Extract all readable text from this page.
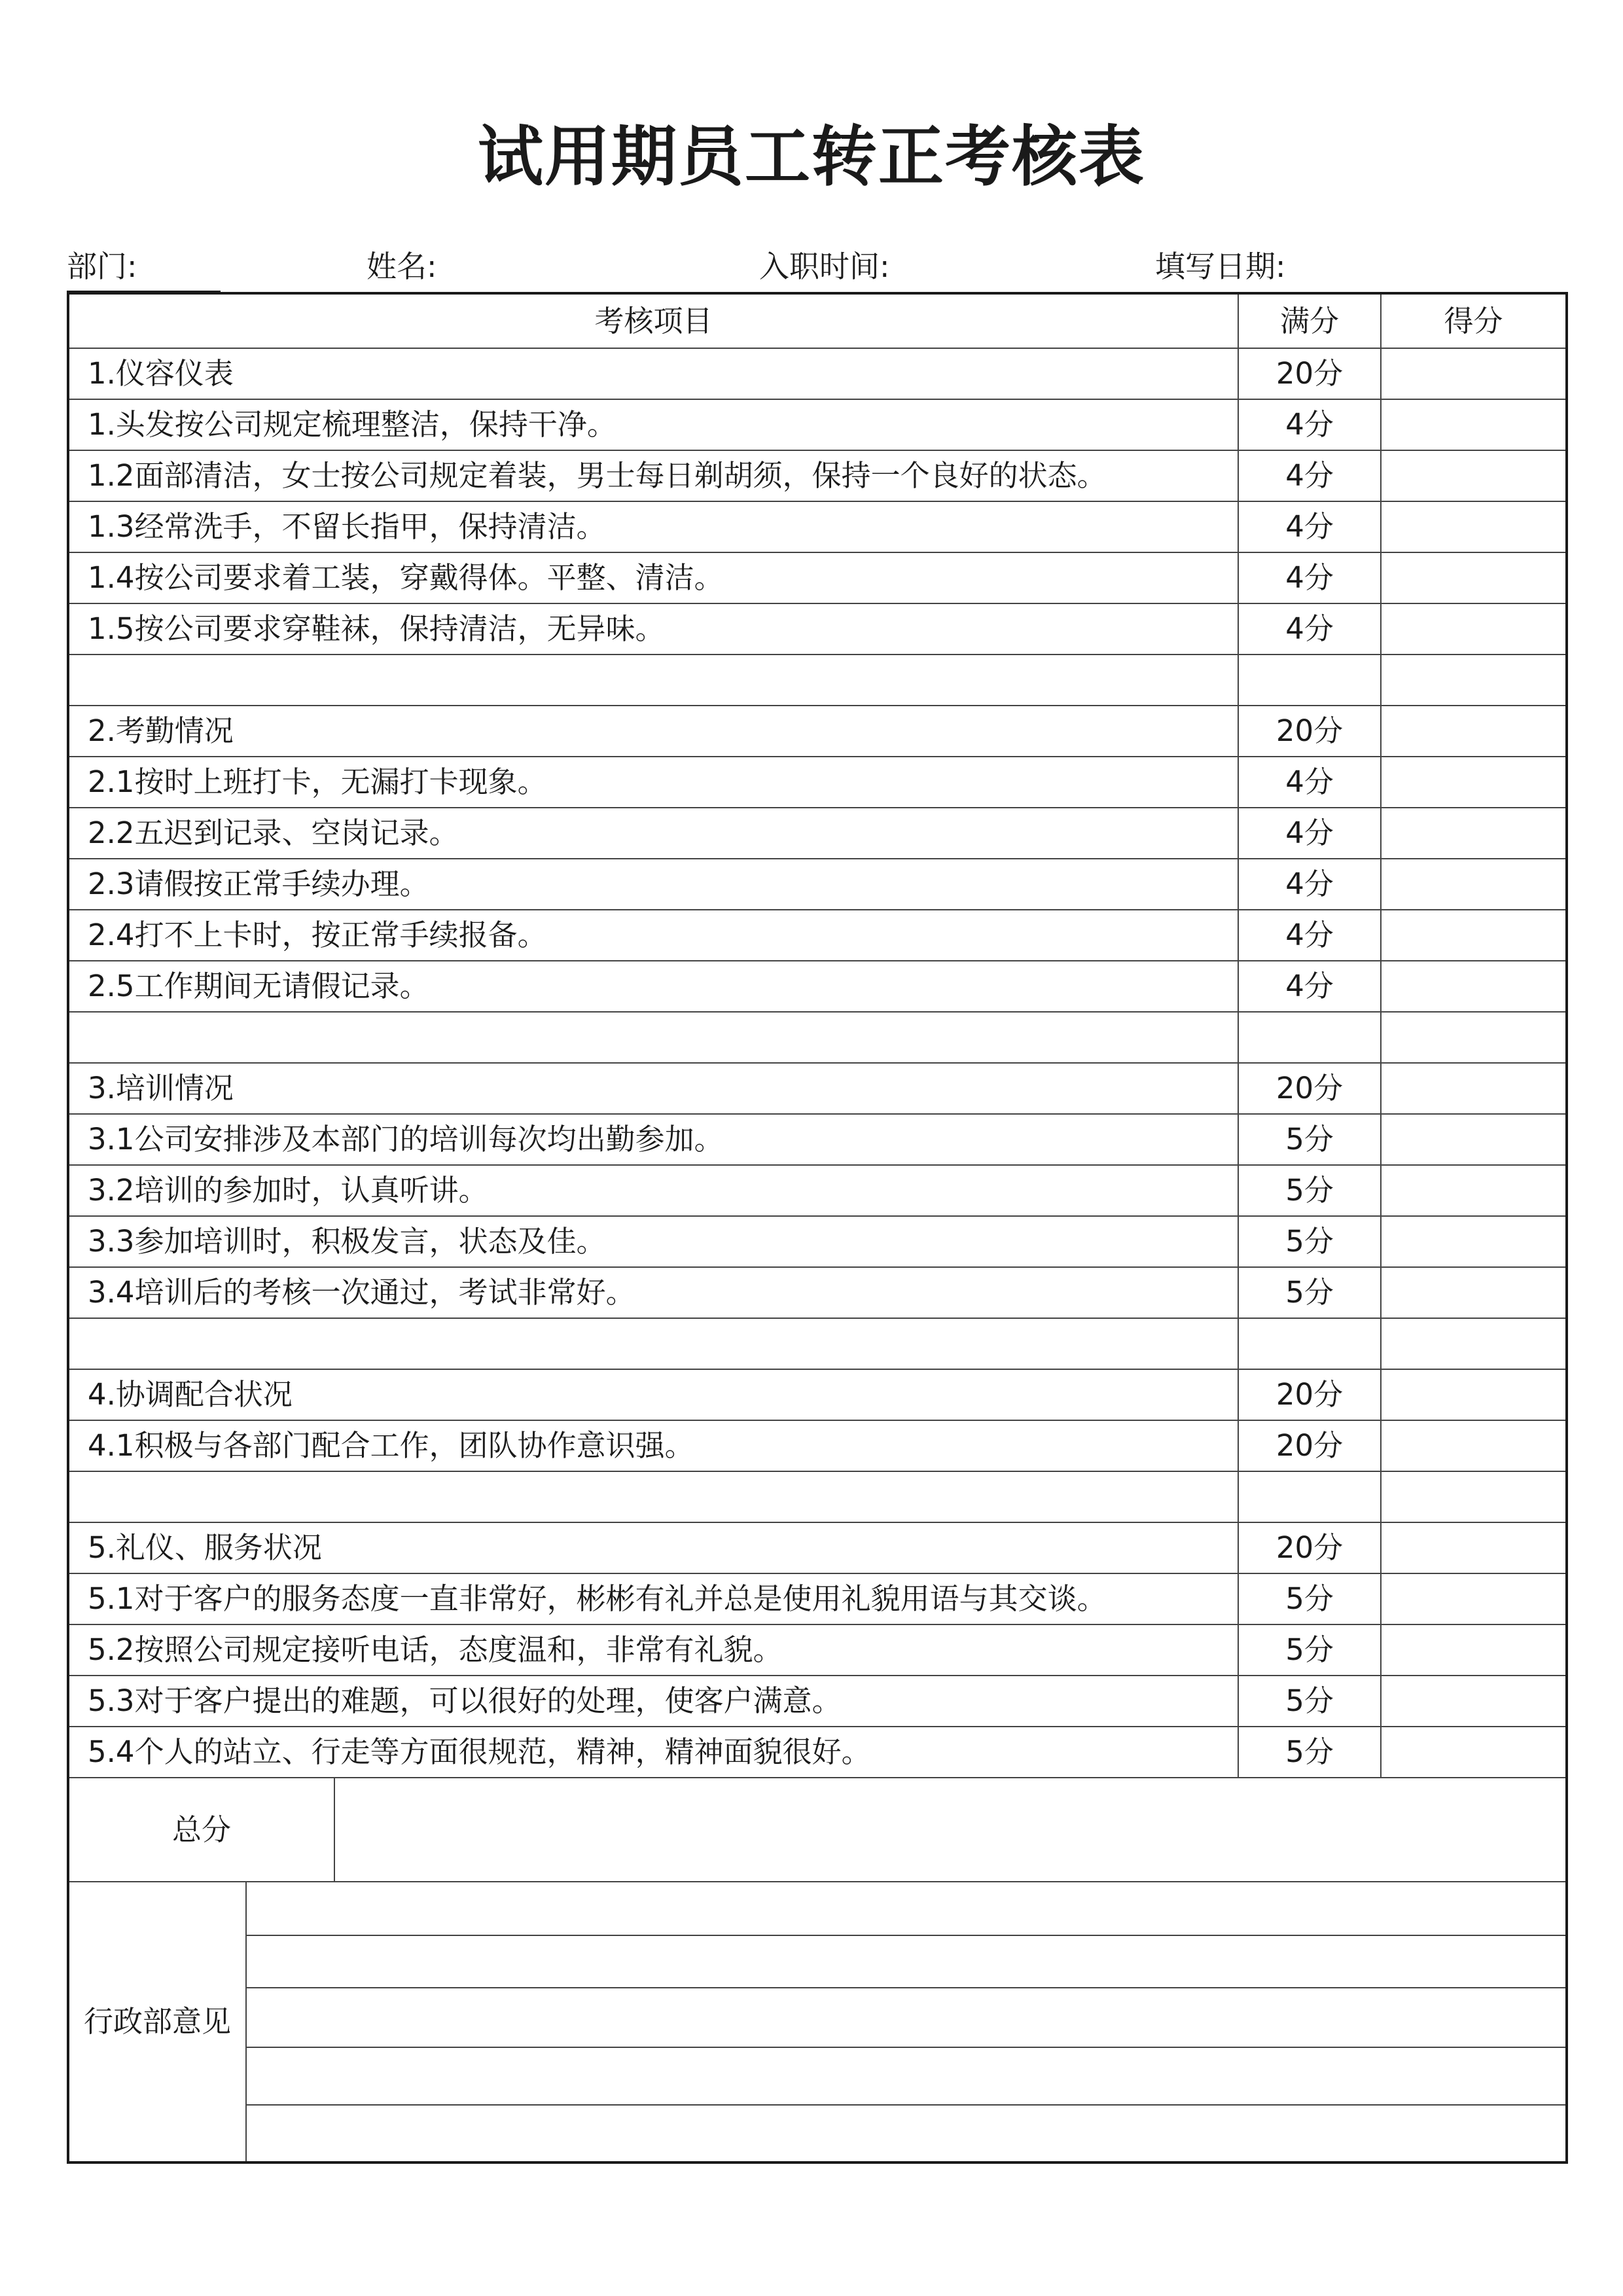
试用期员工转正考核表
部门:	姓名:	入职时间:	填写日期:
考核项目			满分	得分
1.仪容仪表			20分	
1.头发按公司规定梳理整洁，保持干净。			4分	
1.2面部清洁，女士按公司规定着装，男士每日剃胡须，保持一个良好的状态。			4分	
1.3经常洗手，不留长指甲，保持清洁。			4分	
1.4按公司要求着工装，穿戴得体。平整、清洁。			4分	
1.5按公司要求穿鞋袜，保持清洁，无异味。			4分	

2.考勤情况			20分	
2.1按时上班打卡，无漏打卡现象。			4分	
2.2五迟到记录、空岗记录。			4分	
2.3请假按正常手续办理。			4分	
2.4打不上卡时，按正常手续报备。			4分	
2.5工作期间无请假记录。			4分	

3.培训情况			20分	
3.1公司安排涉及本部门的培训每次均出勤参加。			5分	
3.2培训的参加时，认真听讲。			5分	
3.3参加培训时，积极发言，状态及佳。			5分	
3.4培训后的考核一次通过，考试非常好。			5分	

4.协调配合状况			20分	
4.1积极与各部门配合工作，团队协作意识强。			20分	

5.礼仪、服务状况			20分	
5.1对于客户的服务态度一直非常好，彬彬有礼并总是使用礼貌用语与其交谈。			5分	
5.2按照公司规定接听电话，态度温和，非常有礼貌。			5分	
5.3对于客户提出的难题，可以很好的处理，使客户满意。			5分	
5.4个人的站立、行走等方面很规范，精神，精神面貌很好。			5分	
总分				
行政部意见				
